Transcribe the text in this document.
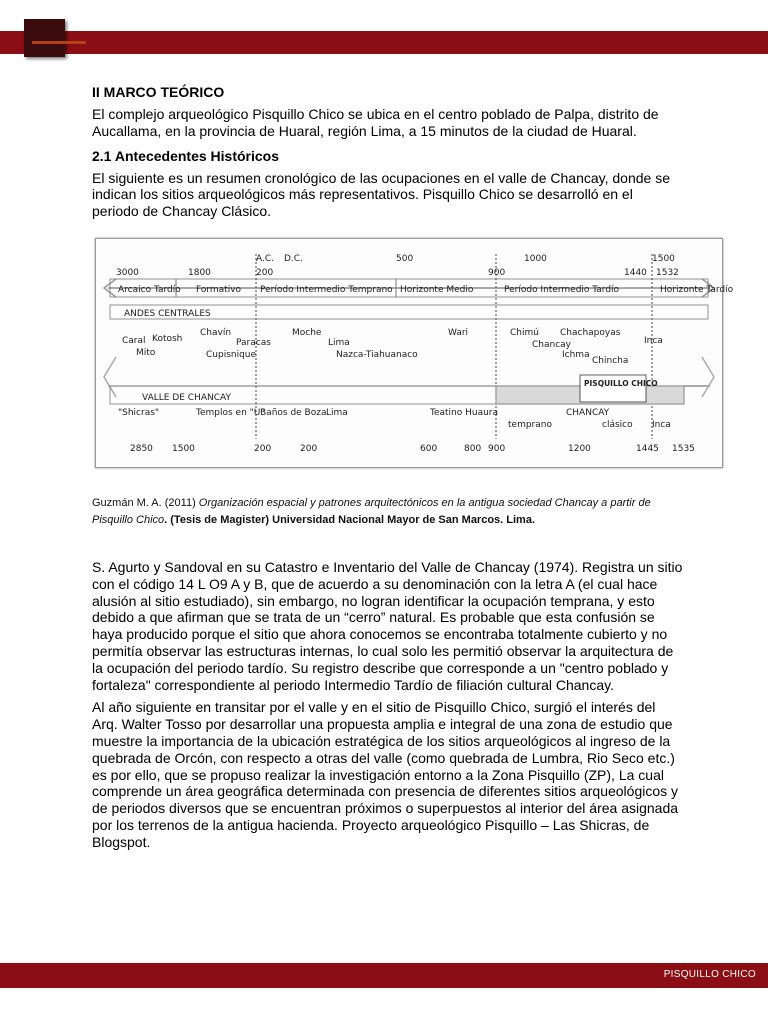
II MARCO TEÓRICO

El complejo arqueológico Pisquillo Chico se ubica en el centro poblado de Palpa, distrito de Aucallama, en la provincia de Huaral, región Lima, a 15 minutos de la ciudad de Huaral.

2.1 Antecedentes Históricos

El siguiente es un resumen cronológico de las ocupaciones en el valle de Chancay, donde se indican los sitios arqueológicos más representativos. Pisquillo Chico se desarrolló en el periodo de Chancay Clásico.

3000	1800
A.C. D.C.
200
500
900
1000
1440
1500
1532
Arcaico Tardío Formativo Período Intermedio Temprano Horizonte Medio	Período Intermedio Tardío	Horizonte Tardío
ANDES CENTRALES
Caral Kotosh
Mito
Chavín
Cupisnique
Paracas
Moche
Lima
Nazca-Tiahuanaco
Wari	Chimú
Chancay
Chachapoyas
Ichma
Chincha
Inca
VALLE DE CHANCAY
PISQUILLO CHICO
"Shicras"	Templos en "U"
Baños de Boza Lima	Teatino Huaura	CHANCAY
temprano	clásico Inca
2850 1500	200	200	600	800 900	1200	1445 1535
Guzmán M. A. (2011) Organización espacial y patrones arquitectónicos en la antigua sociedad Chancay a partir de Pisquillo Chico. (Tesis de Magister) Universidad Nacional Mayor de San Marcos. Lima.

S. Agurto y Sandoval en su Catastro e Inventario del Valle de Chancay (1974). Registra un sitio con el código 14 L O9 A y B, que de acuerdo a su denominación con la letra A (el cual hace alusión al sitio estudiado), sin embargo, no logran identificar la ocupación temprana, y esto debido a que afirman que se trata de un “cerro” natural. Es probable que esta confusión se haya producido porque el sitio que ahora conocemos se encontraba totalmente cubierto y no permitía observar las estructuras internas, lo cual solo les permitió observar la arquitectura de la ocupación del periodo tardío. Su registro describe que corresponde a un "centro poblado y fortaleza" correspondiente al periodo Intermedio Tardío de filiación cultural Chancay.

Al año siguiente en transitar por el valle y en el sitio de Pisquillo Chico, surgió el interés del Arq. Walter Tosso por desarrollar una propuesta amplia e integral de una zona de estudio que muestre la importancia de la ubicación estratégica de los sitios arqueológicos al ingreso de la quebrada de Orcón, con respecto a otras del valle (como quebrada de Lumbra, Rio Seco etc.) es por ello, que se propuso realizar la investigación entorno a la Zona Pisquillo (ZP), La cual comprende un área geográfica determinada con presencia de diferentes sitios arqueológicos y de periodos diversos que se encuentran próximos o superpuestos al interior del área asignada por los terrenos de la antigua hacienda. Proyecto arqueológico Pisquillo – Las Shicras, de Blogspot.

PISQUILLO CHICO
